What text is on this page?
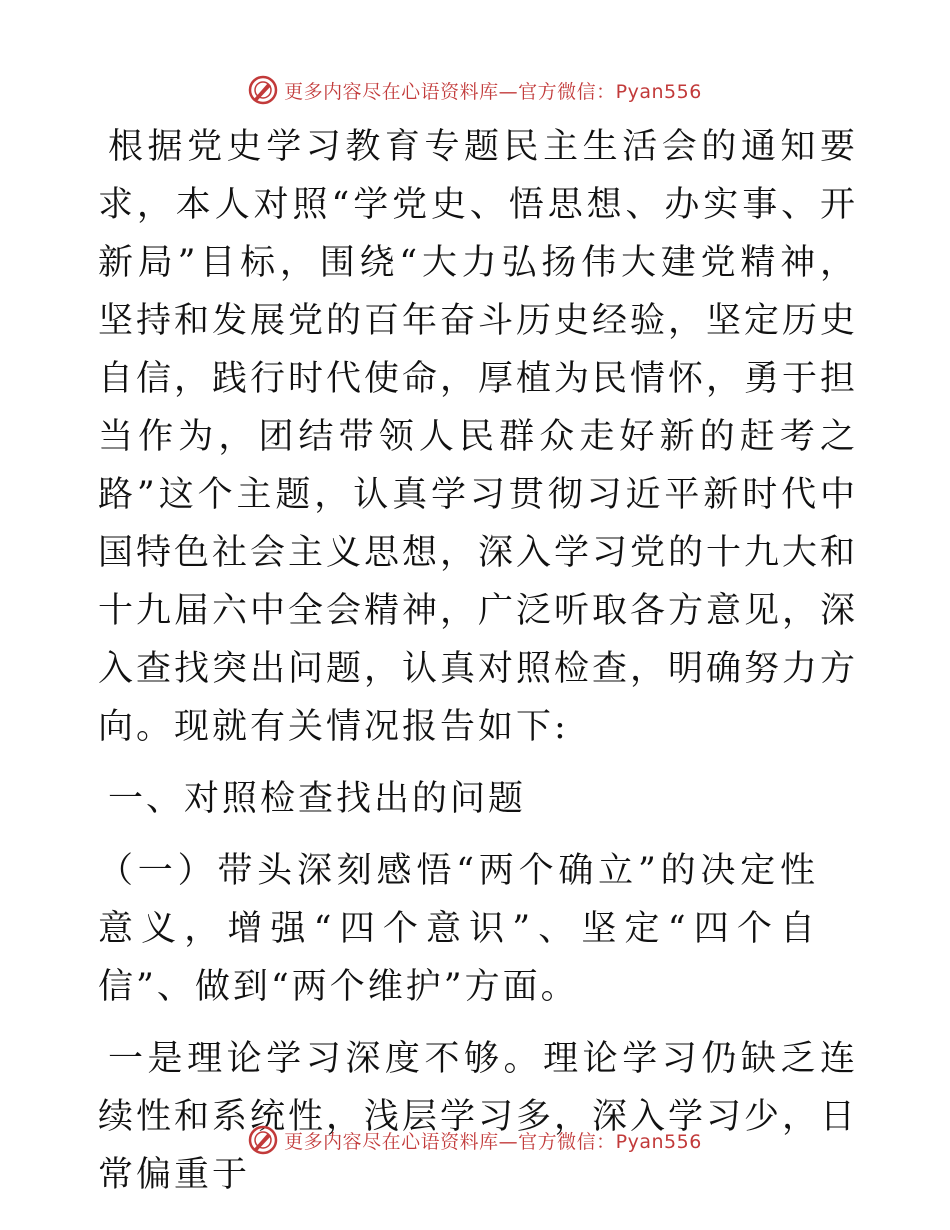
更多内容尽在心语资料库—官方微信：Pyan556

根据党史学习教育专题民主生活会的通知要求，本人对照“学党史、悟思想、办实事、开新局”目标，围绕“大力弘扬伟大建党精神，坚持和发展党的百年奋斗历史经验，坚定历史自信，践行时代使命，厚植为民情怀，勇于担当作为，团结带领人民群众走好新的赶考之路”这个主题，认真学习贯彻习近平新时代中国特色社会主义思想，深入学习党的十九大和十九届六中全会精神，广泛听取各方意见，深入查找突出问题，认真对照检查，明确努力方向。现就有关情况报告如下:

一、对照检查找出的问题

（一）带头深刻感悟“两个确立”的决定性意义，增强“四个意识”、坚定“四个自信”、做到“两个维护”方面。

一是理论学习深度不够。理论学习仍缺乏连续性和系统性，浅层学习多，深入学习少，日常偏重于

更多内容尽在心语资料库—官方微信：Pyan556
